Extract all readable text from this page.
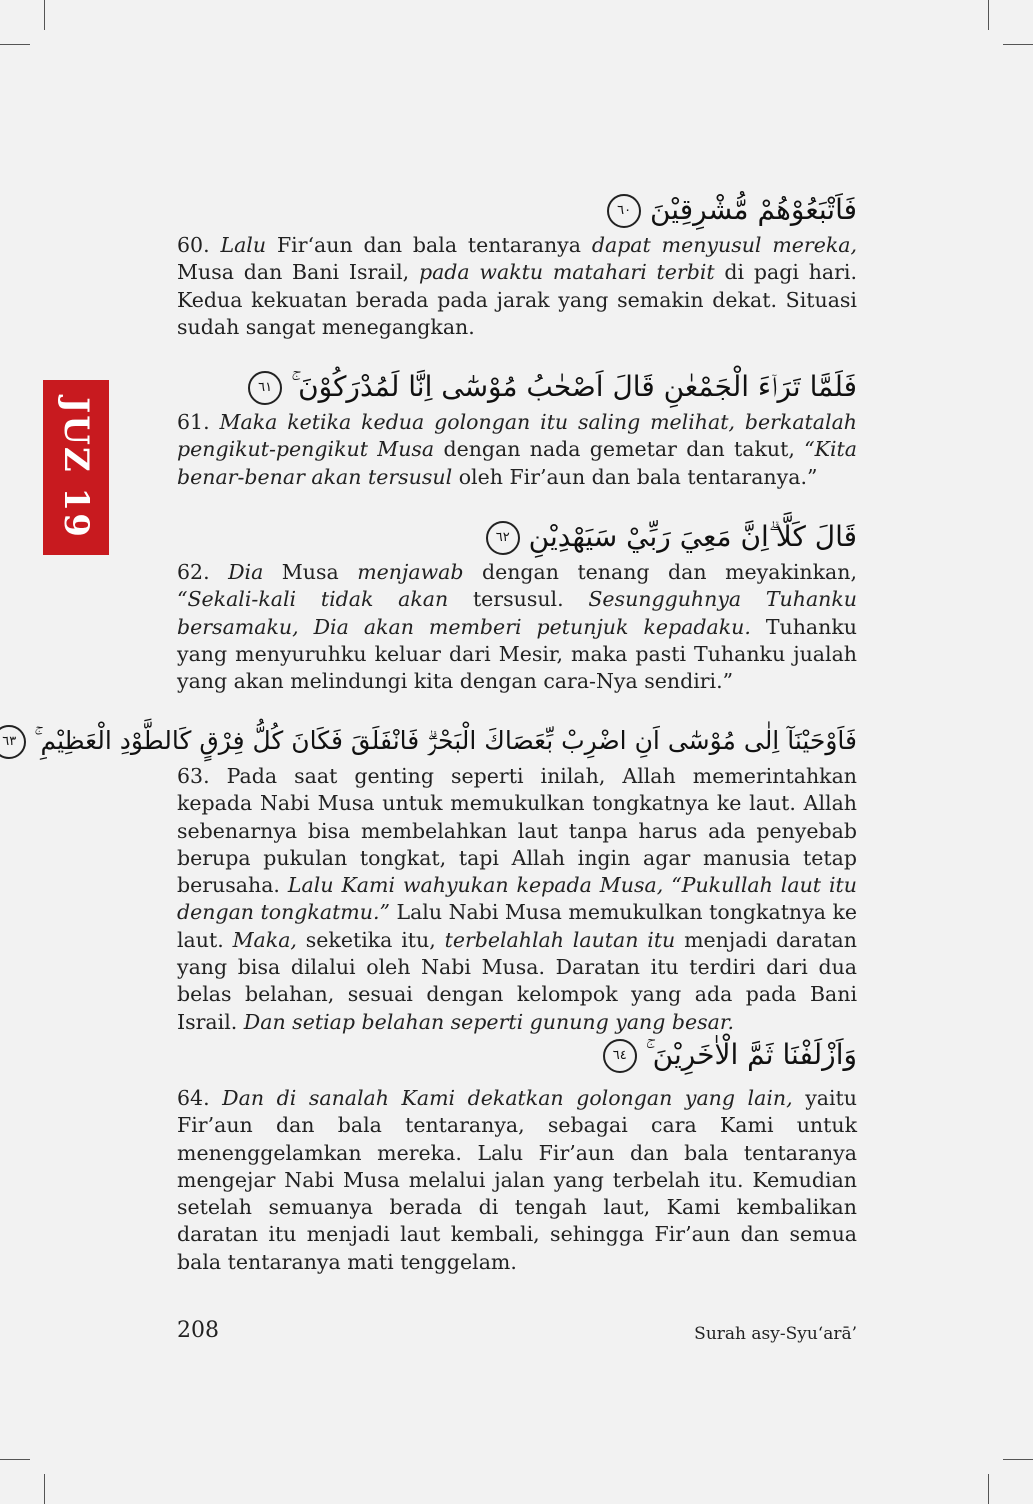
JUZ 19
فَاَتْبَعُوْهُمْ مُّشْرِقِيْنَ ٦٠

60. Lalu Fir‘aun dan bala tentaranya dapat menyusul mereka, Musa dan Bani Israil, pada waktu matahari terbit di pagi hari. Kedua kekuatan berada pada jarak yang semakin dekat. Situasi sudah sangat menegangkan.

فَلَمَّا تَرَاۤءَ الْجَمْعٰنِ قَالَ اَصْحٰبُ مُوْسٰٓى اِنَّا لَمُدْرَكُوْنَ ۚ ٦١

61. Maka ketika kedua golongan itu saling melihat, berkatalah pengikut-pengikut Musa dengan nada gemetar dan takut, “Kita benar-benar akan tersusul oleh Fir’aun dan bala tentaranya.”

قَالَ كَلَّا ۗاِنَّ مَعِيَ رَبِّيْ سَيَهْدِيْنِ ٦٢

62. Dia Musa menjawab dengan tenang dan meyakinkan, “Sekali-kali tidak akan tersusul. Sesungguhnya Tuhanku bersamaku, Dia akan memberi petunjuk kepadaku. Tuhanku yang menyuruhku keluar dari Mesir, maka pasti Tuhanku jualah yang akan melindungi kita dengan cara-Nya sendiri.”

فَاَوْحَيْنَآ اِلٰى مُوْسٰٓى اَنِ اضْرِبْ بِّعَصَاكَ الْبَحْرَۗ فَانْفَلَقَ فَكَانَ كُلُّ فِرْقٍ كَالطَّوْدِ الْعَظِيْمِ ۚ ٦٣

63. Pada saat genting seperti inilah, Allah memerintahkan kepada Nabi Musa untuk memukulkan tongkatnya ke laut. Allah sebenarnya bisa membelahkan laut tanpa harus ada penyebab berupa pukulan tongkat, tapi Allah ingin agar manusia tetap berusaha. Lalu Kami wahyukan kepada Musa, “Pukullah laut itu dengan tongkatmu.” Lalu Nabi Musa memukulkan tongkatnya ke laut. Maka, seketika itu, terbelahlah lautan itu menjadi daratan yang bisa dilalui oleh Nabi Musa. Daratan itu terdiri dari dua belas belahan, sesuai dengan kelompok yang ada pada Bani Israil. Dan setiap belahan seperti gunung yang besar.

وَاَزْلَفْنَا ثَمَّ الْاٰخَرِيْنَ ۚ ٦٤

64. Dan di sanalah Kami dekatkan golongan yang lain, yaitu Fir’aun dan bala tentaranya, sebagai cara Kami untuk menenggelamkan mereka. Lalu Fir’aun dan bala tentaranya mengejar Nabi Musa melalui jalan yang terbelah itu. Kemudian setelah semuanya berada di tengah laut, Kami kembalikan daratan itu menjadi laut kembali, sehingga Fir’aun dan semua bala tentaranya mati tenggelam.

208	Surah asy-Syu‘arā’
